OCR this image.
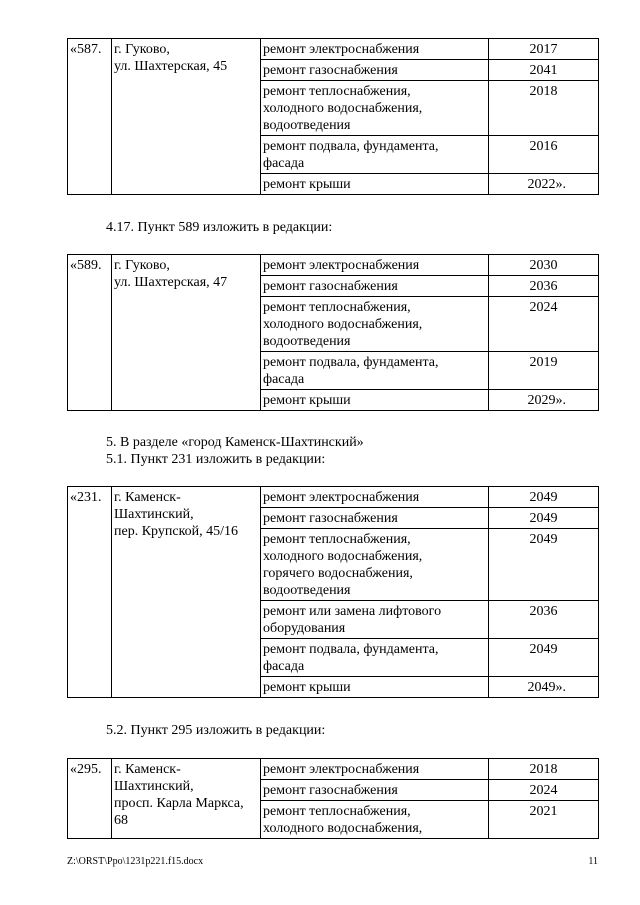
«587.	г. Гуково,
ул. Шахтерская, 45	ремонт электроснабжения	2017
		ремонт газоснабжения	2041
		ремонт теплоснабжения,
холодного водоснабжения,
водоотведения	2018
		ремонт подвала, фундамента,
фасада	2016
		ремонт крыши	2022».
4.17. Пункт 589 изложить в редакции:
«589.	г. Гуково,
ул. Шахтерская, 47	ремонт электроснабжения	2030
		ремонт газоснабжения	2036
		ремонт теплоснабжения,
холодного водоснабжения,
водоотведения	2024
		ремонт подвала, фундамента,
фасада	2019
		ремонт крыши	2029».
5. В разделе «город Каменск-Шахтинский»
5.1. Пункт 231 изложить в редакции:
«231.	г. Каменск-
Шахтинский,
пер. Крупской, 45/16	ремонт электроснабжения	2049
		ремонт газоснабжения	2049
		ремонт теплоснабжения,
холодного водоснабжения,
горячего водоснабжения,
водоотведения	2049
		ремонт или замена лифтового
оборудования	2036
		ремонт подвала, фундамента,
фасада	2049
		ремонт крыши	2049».
5.2. Пункт 295 изложить в редакции:
«295.	г. Каменск-
Шахтинский,
просп. Карла Маркса,
68	ремонт электроснабжения	2018
		ремонт газоснабжения	2024
		ремонт теплоснабжения,
холодного водоснабжения,	2021
Z:\ORST\Ppo\1231p221.f15.docx	11
